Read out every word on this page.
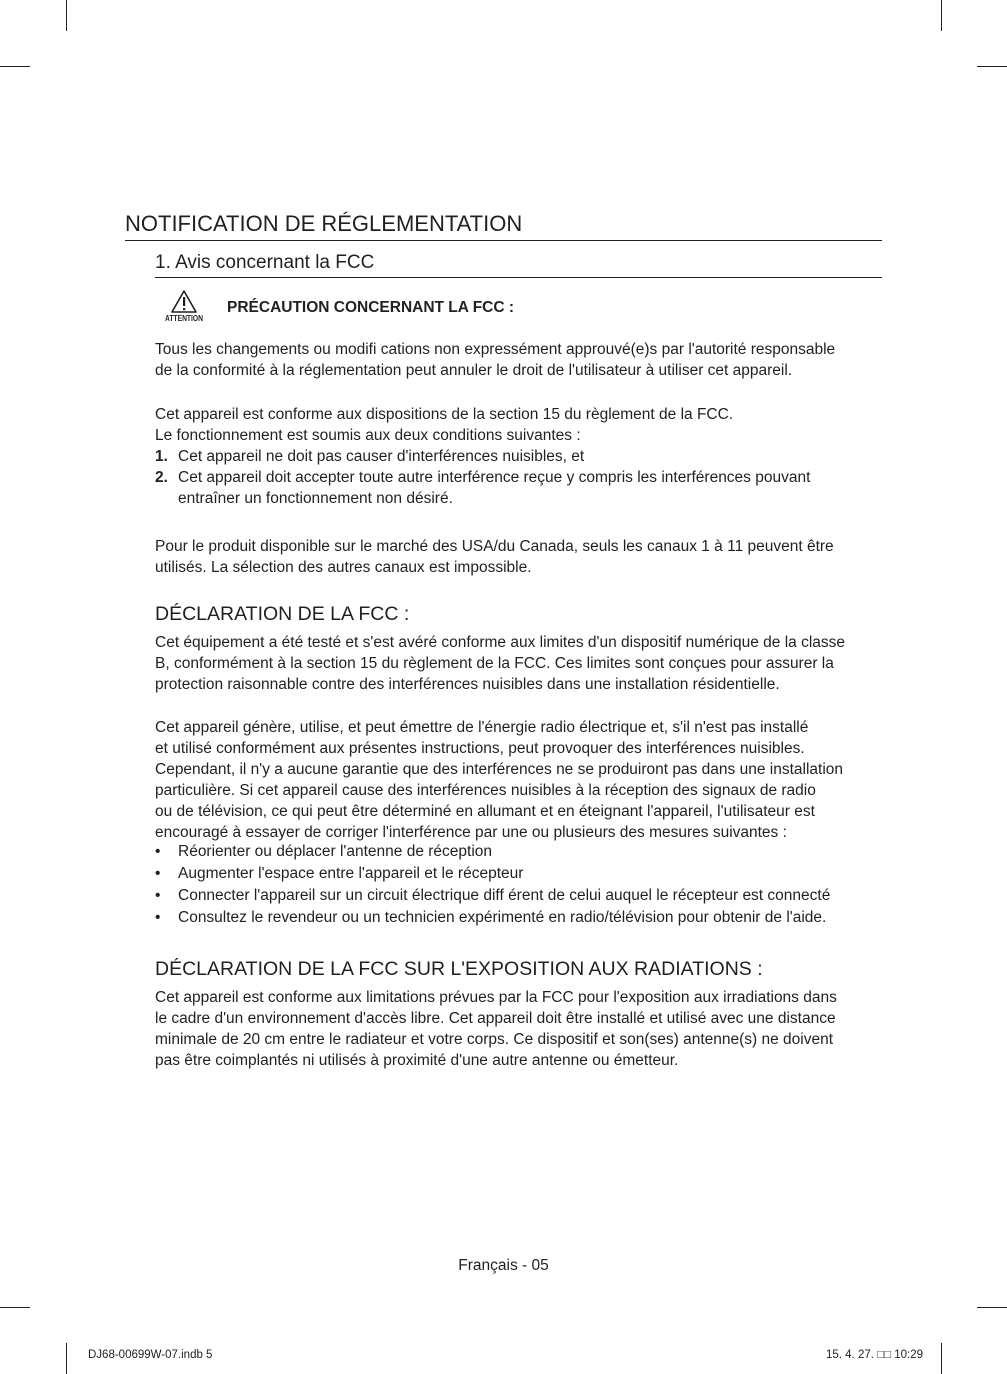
NOTIFICATION DE RÉGLEMENTATION
1. Avis concernant la FCC
ATTENTION
PRÉCAUTION CONCERNANT LA FCC :
Tous les changements ou modifi cations non expressément approuvé(e)s par l'autorité responsable
de la conformité à la réglementation peut annuler le droit de l'utilisateur à utiliser cet appareil.
Cet appareil est conforme aux dispositions de la section 15 du règlement de la FCC.
Le fonctionnement est soumis aux deux conditions suivantes :
1. Cet appareil ne doit pas causer d'interférences nuisibles, et
2. Cet appareil doit accepter toute autre interférence reçue y compris les interférences pouvant
entraîner un fonctionnement non désiré.
Pour le produit disponible sur le marché des USA/du Canada, seuls les canaux 1 à 11 peuvent être
utilisés. La sélection des autres canaux est impossible.
DÉCLARATION DE LA FCC :
Cet équipement a été testé et s'est avéré conforme aux limites d'un dispositif numérique de la classe
B, conformément à la section 15 du règlement de la FCC. Ces limites sont conçues pour assurer la
protection raisonnable contre des interférences nuisibles dans une installation résidentielle.
Cet appareil génère, utilise, et peut émettre de l'énergie radio électrique et, s'il n'est pas installé
et utilisé conformément aux présentes instructions, peut provoquer des interférences nuisibles.
Cependant, il n'y a aucune garantie que des interférences ne se produiront pas dans une installation
particulière. Si cet appareil cause des interférences nuisibles à la réception des signaux de radio
ou de télévision, ce qui peut être déterminé en allumant et en éteignant l'appareil, l'utilisateur est
encouragé à essayer de corriger l'interférence par une ou plusieurs des mesures suivantes :
• Réorienter ou déplacer l'antenne de réception
• Augmenter l'espace entre l'appareil et le récepteur
• Connecter l'appareil sur un circuit électrique diff érent de celui auquel le récepteur est connecté
• Consultez le revendeur ou un technicien expérimenté en radio/télévision pour obtenir de l'aide.
DÉCLARATION DE LA FCC SUR L'EXPOSITION AUX RADIATIONS :
Cet appareil est conforme aux limitations prévues par la FCC pour l'exposition aux irradiations dans
le cadre d'un environnement d'accès libre. Cet appareil doit être installé et utilisé avec une distance
minimale de 20 cm entre le radiateur et votre corps. Ce dispositif et son(ses) antenne(s) ne doivent
pas être coimplantés ni utilisés à proximité d'une autre antenne ou émetteur.
Français - 05
DJ68-00699W-07.indb 5	15. 4. 27. □□ 10:29
